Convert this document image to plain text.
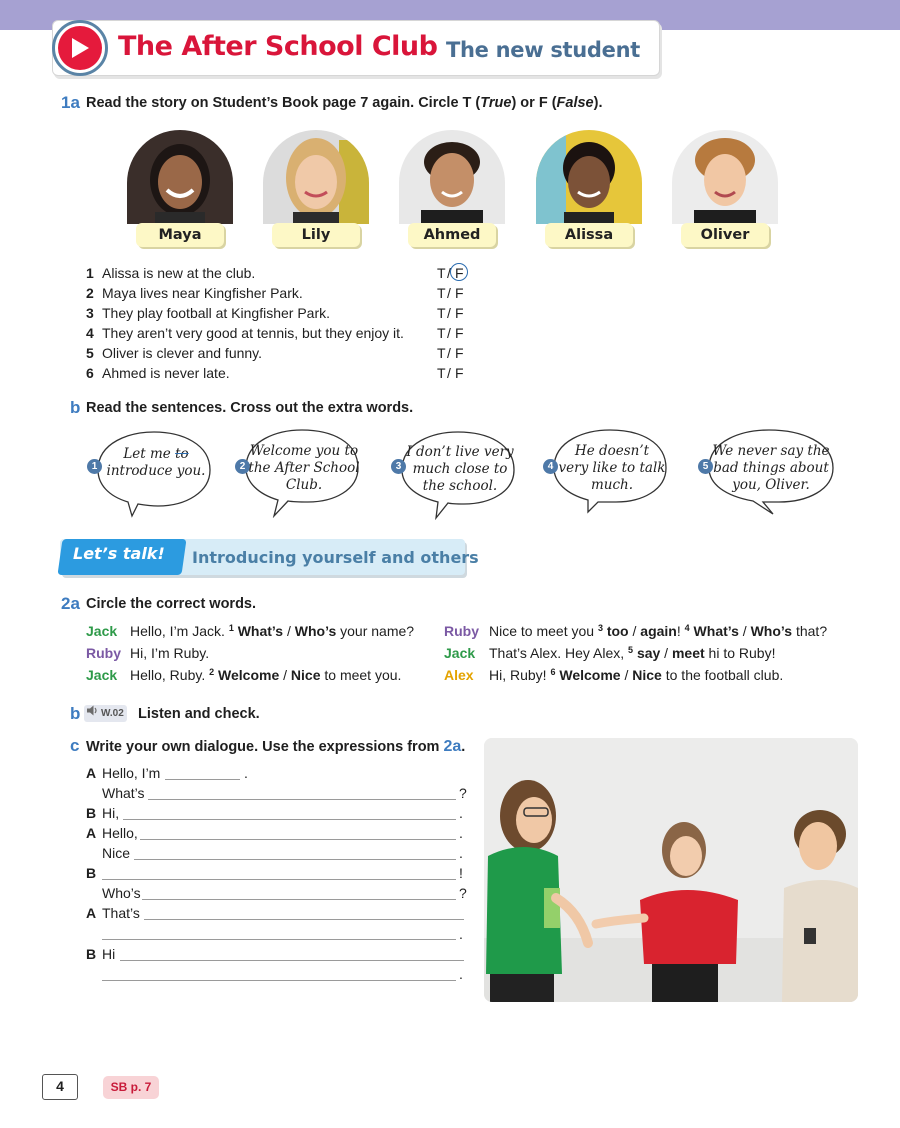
The After School Club The new student
1a Read the story on Student’s Book page 7 again. Circle T (True) or F (False).
Maya	Lily	Ahmed	Alissa	Oliver
1 Alissa is new at the club.	T / F
2 Maya lives near Kingfisher Park.	T / F
3 They play football at Kingfisher Park.	T / F
4 They aren’t very good at tennis, but they enjoy it. T / F
5 Oliver is clever and funny.	T / F
6 Ahmed is never late.	T / F
b Read the sentences. Cross out the extra words.
1
Let me to
introduce you.	2
Welcome you to
the After School
Club.
3
I don’t live very
much close to
the school.
4
He doesn’t
very like to talk
much.
5
We never say the
bad things about
you, Oliver.
Let’s talk! Introducing yourself and others
2a Circle the correct words.
Jack Hello, I’m Jack. $^1$ What’s / Who’s your name?
Ruby Hi, I’m Ruby.
Jack Hello, Ruby. $^2$ Welcome / Nice to meet you.
Ruby Nice to meet you $^3$ too / again! $^4$ What’s / Who’s that?
Jack That’s Alex. Hey Alex, $^5$ say / meet hi to Ruby!
Alex Hi, Ruby! $^6$ Welcome / Nice to the football club.
b W.02 Listen and check.
c Write your own dialogue. Use the expressions from 2a.
A Hello, I’m	.
What’s	?
B Hi,	.
A Hello,	.
Nice	.
B	!
Who’s	?
A That’s
.
B Hi
.
4	SB p. 7
